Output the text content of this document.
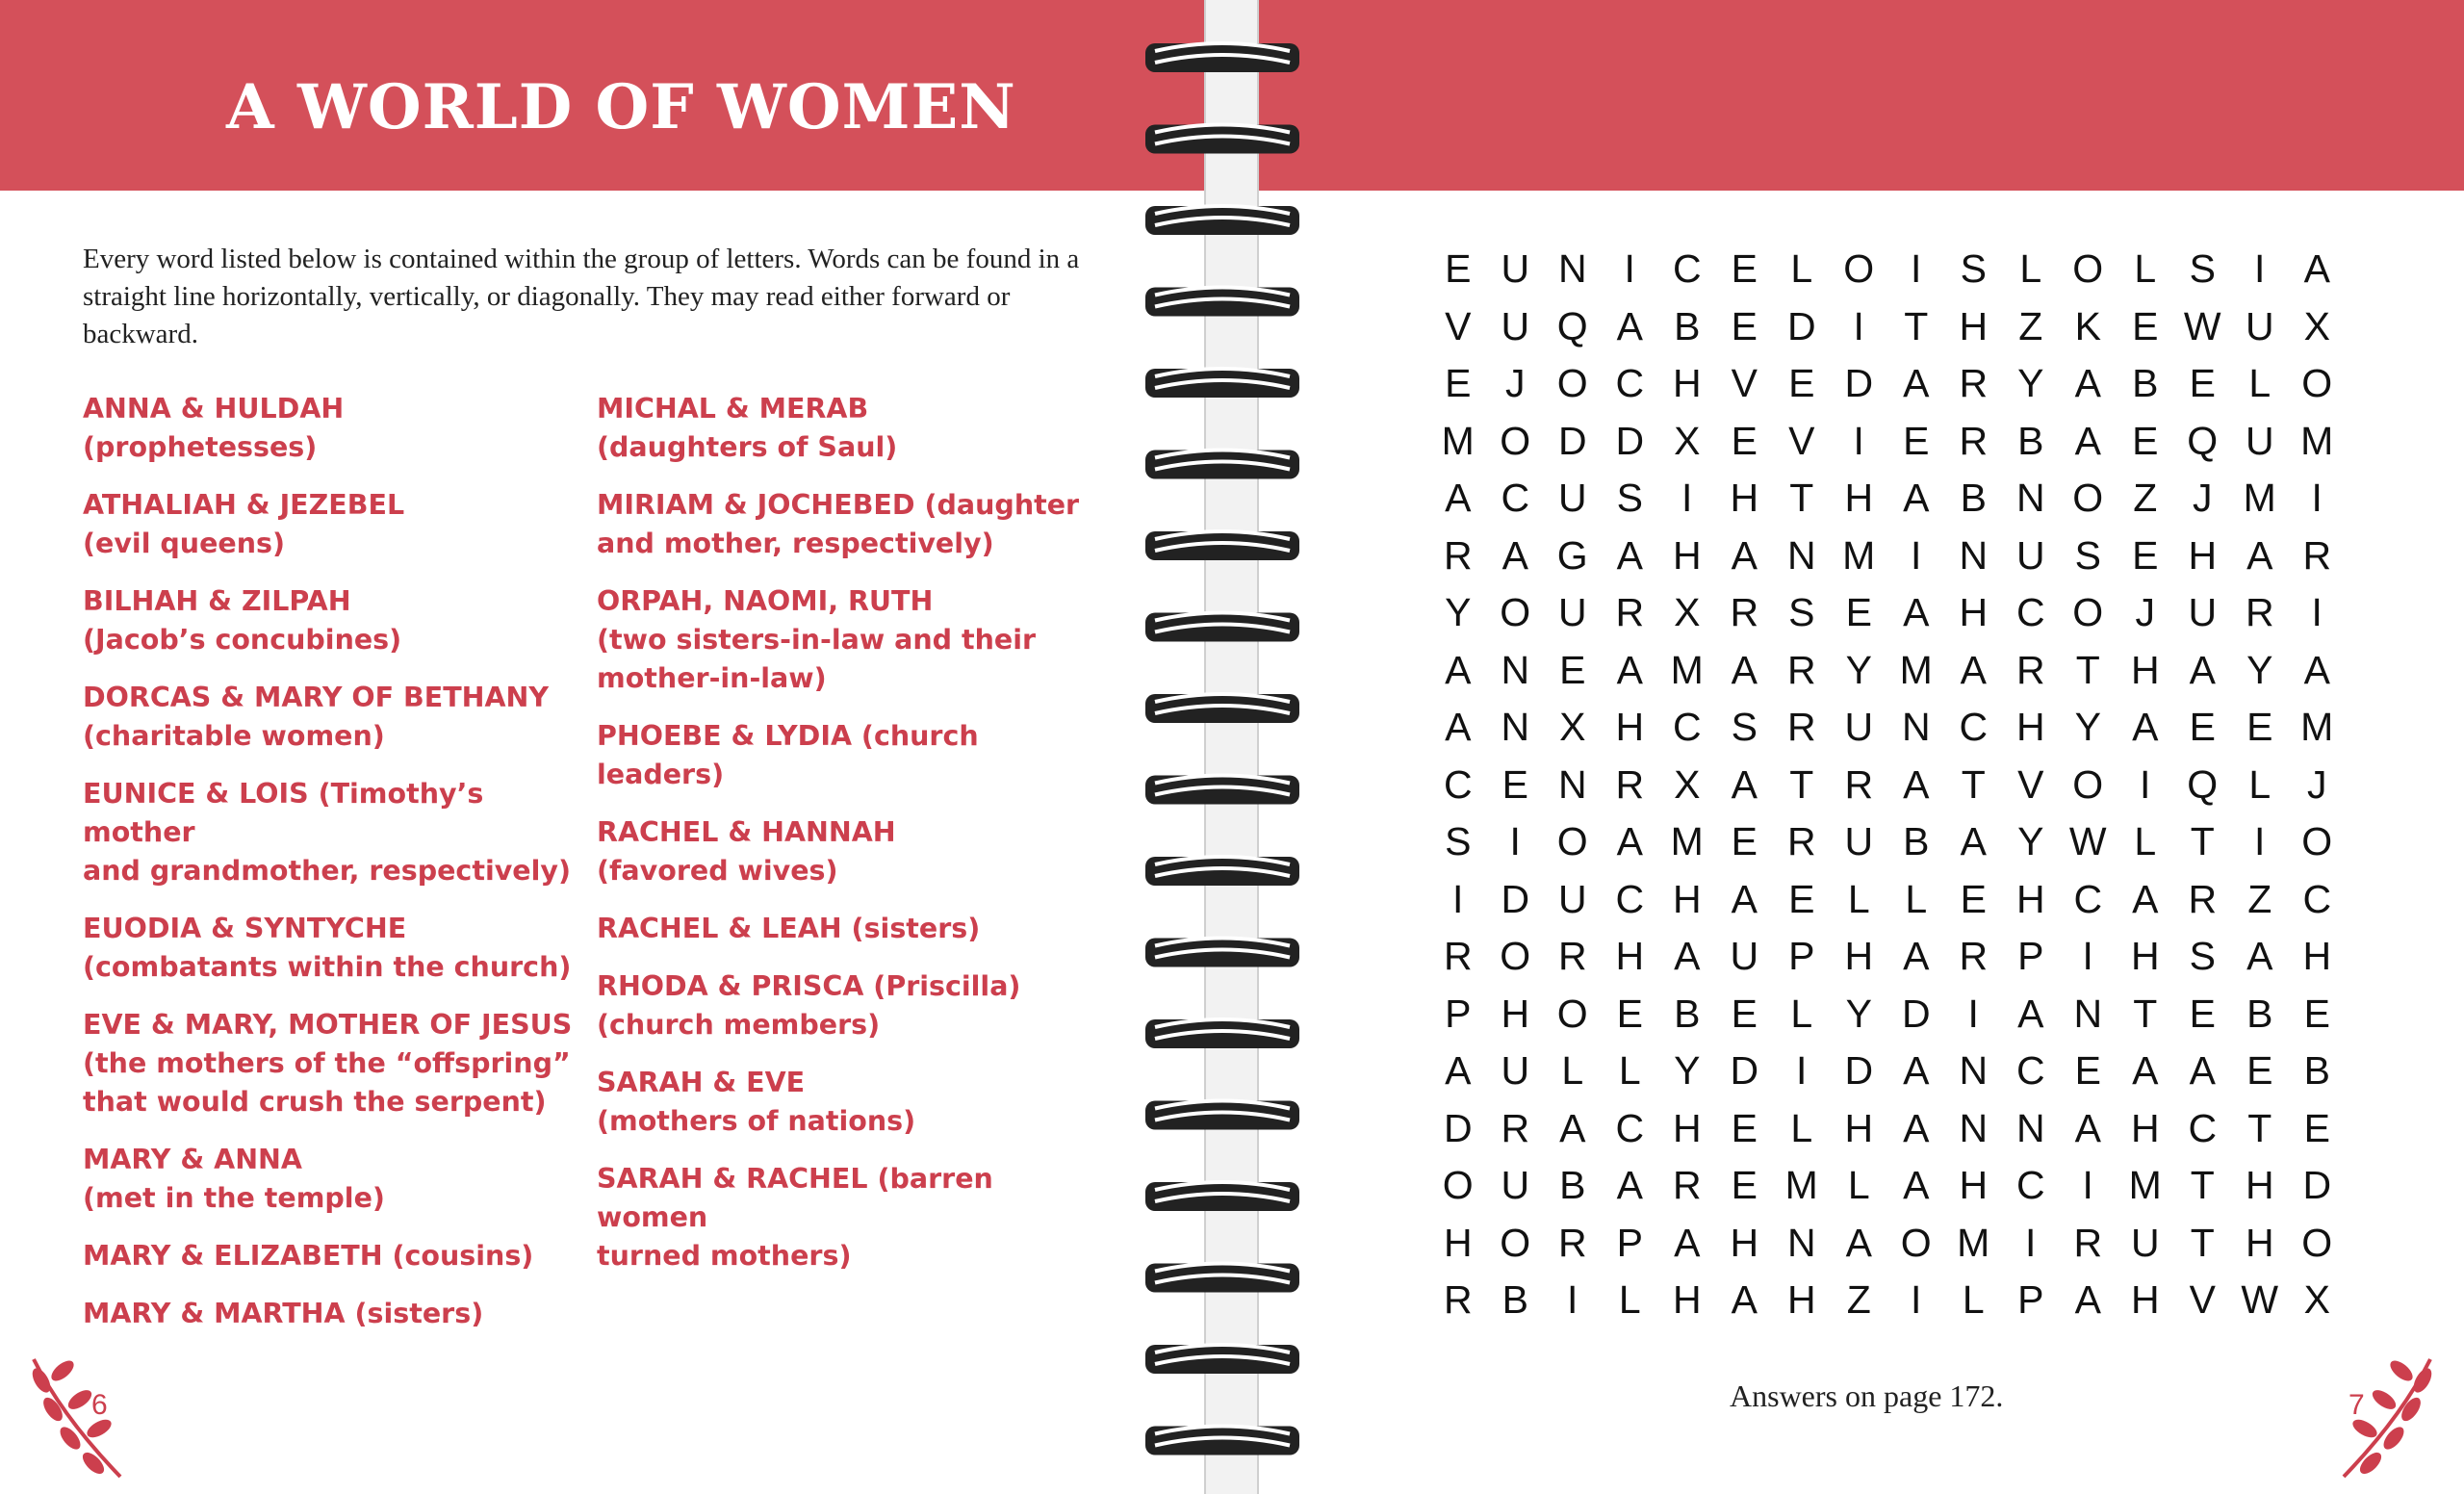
A WORLD OF WOMEN

Every word listed below is contained within the group of letters. Words can be found in a straight line horizontally, vertically, or diagonally. They may read either forward or backward.

ANNA & HULDAH (prophetesses)

ATHALIAH & JEZEBEL
(evil queens)

BILHAH & ZILPAH
(Jacob’s concubines)

DORCAS & MARY OF BETHANY
(charitable women)

EUNICE & LOIS (Timothy’s mother
and grandmother, respectively)

EUODIA & SYNTYCHE
(combatants within the church)

EVE & MARY, MOTHER OF JESUS
(the mothers of the “offspring”
that would crush the serpent)

MARY & ANNA
(met in the temple)

MARY & ELIZABETH (cousins)

MARY & MARTHA (sisters)

MICHAL & MERAB
(daughters of Saul)

MIRIAM & JOCHEBED (daughter
and mother, respectively)

ORPAH, NAOMI, RUTH
(two sisters-in-law and their
mother-in-law)

PHOEBE & LYDIA (church leaders)

RACHEL & HANNAH
(favored wives)

RACHEL & LEAH (sisters)

RHODA & PRISCA (Priscilla)
(church members)

SARAH & EVE
(mothers of nations)

SARAH & RACHEL (barren women
turned mothers)

6

E U N I C E L O I S L O L S I A
V U Q A B E D I	T H Z K E W U X
E J O C H V E D A R Y A B E L O
M O D D X E V I E R B A E Q U M
A C U S I H T H A B N O Z J M I
R A G A H A N M I N U S E H A R
Y O U R X R S E A H C O J U R I
A N E A M A R Y M A R T H A Y A
A N X H C S R U N C H Y A E E M
C E N R X A T R A T V O I Q L J
S I O A M E R U B A Y W L T	I O
I D U C H A E L L E H C A R Z C
R O R H A U P H A R P I H S A H
P H O E B E L Y D I A N T E B E
A U L L Y D I D A N C E A A E B
D R A C H E L H A N N A H C T E
O U B A R E M L A H C I M T H D
H O R P A H N A O M I R U T H O
R B I	L H A H Z	I	L P A H V W X

Answers on page 172.	7
